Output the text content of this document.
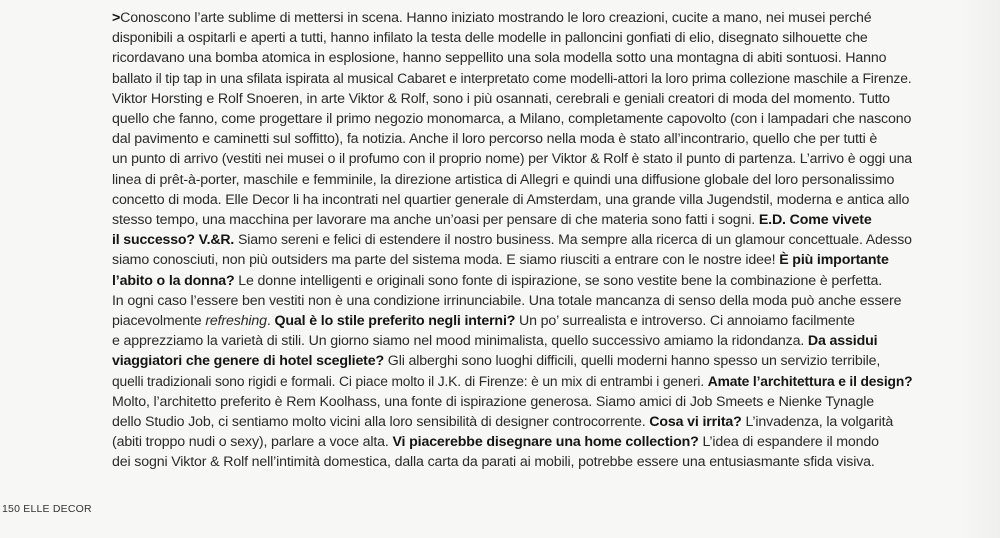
>Conoscono l’arte sublime di mettersi in scena. Hanno iniziato mostrando le loro creazioni, cucite a mano, nei musei perché
disponibili a ospitarli e aperti a tutti, hanno infilato la testa delle modelle in palloncini gonfiati di elio, disegnato silhouette che
ricordavano una bomba atomica in esplosione, hanno seppellito una sola modella sotto una montagna di abiti sontuosi. Hanno
ballato il tip tap in una sfilata ispirata al musical Cabaret e interpretato come modelli-attori la loro prima collezione maschile a Firenze.
Viktor Horsting e Rolf Snoeren, in arte Viktor & Rolf, sono i più osannati, cerebrali e geniali creatori di moda del momento. Tutto
quello che fanno, come progettare il primo negozio monomarca, a Milano, completamente capovolto (con i lampadari che nascono
dal pavimento e caminetti sul soffitto), fa notizia. Anche il loro percorso nella moda è stato all’incontrario, quello che per tutti è
un punto di arrivo (vestiti nei musei o il profumo con il proprio nome) per Viktor & Rolf è stato il punto di partenza. L’arrivo è oggi una
linea di prêt-à-porter, maschile e femminile, la direzione artistica di Allegri e quindi una diffusione globale del loro personalissimo
concetto di moda. Elle Decor li ha incontrati nel quartier generale di Amsterdam, una grande villa Jugendstil, moderna e antica allo
stesso tempo, una macchina per lavorare ma anche un’oasi per pensare di che materia sono fatti i sogni. E.D. Come vivete
il successo? V.&R. Siamo sereni e felici di estendere il nostro business. Ma sempre alla ricerca di un glamour concettuale. Adesso
siamo conosciuti, non più outsiders ma parte del sistema moda. E siamo riusciti a entrare con le nostre idee! È più importante
l’abito o la donna? Le donne intelligenti e originali sono fonte di ispirazione, se sono vestite bene la combinazione è perfetta.
In ogni caso l’essere ben vestiti non è una condizione irrinunciabile. Una totale mancanza di senso della moda può anche essere
piacevolmente refreshing. Qual è lo stile preferito negli interni? Un po’ surrealista e introverso. Ci annoiamo facilmente
e apprezziamo la varietà di stili. Un giorno siamo nel mood minimalista, quello successivo amiamo la ridondanza. Da assidui
viaggiatori che genere di hotel scegliete? Gli alberghi sono luoghi difficili, quelli moderni hanno spesso un servizio terribile,
quelli tradizionali sono rigidi e formali. Ci piace molto il J.K. di Firenze: è un mix di entrambi i generi. Amate l’architettura e il design?
Molto, l’architetto preferito è Rem Koolhass, una fonte di ispirazione generosa. Siamo amici di Job Smeets e Nienke Tynagle
dello Studio Job, ci sentiamo molto vicini alla loro sensibilità di designer controcorrente. Cosa vi irrita? L’invadenza, la volgarità
(abiti troppo nudi o sexy), parlare a voce alta. Vi piacerebbe disegnare una home collection? L’idea di espandere il mondo
dei sogni Viktor & Rolf nell’intimità domestica, dalla carta da parati ai mobili, potrebbe essere una entusiasmante sfida visiva.
150 ELLE DECOR
